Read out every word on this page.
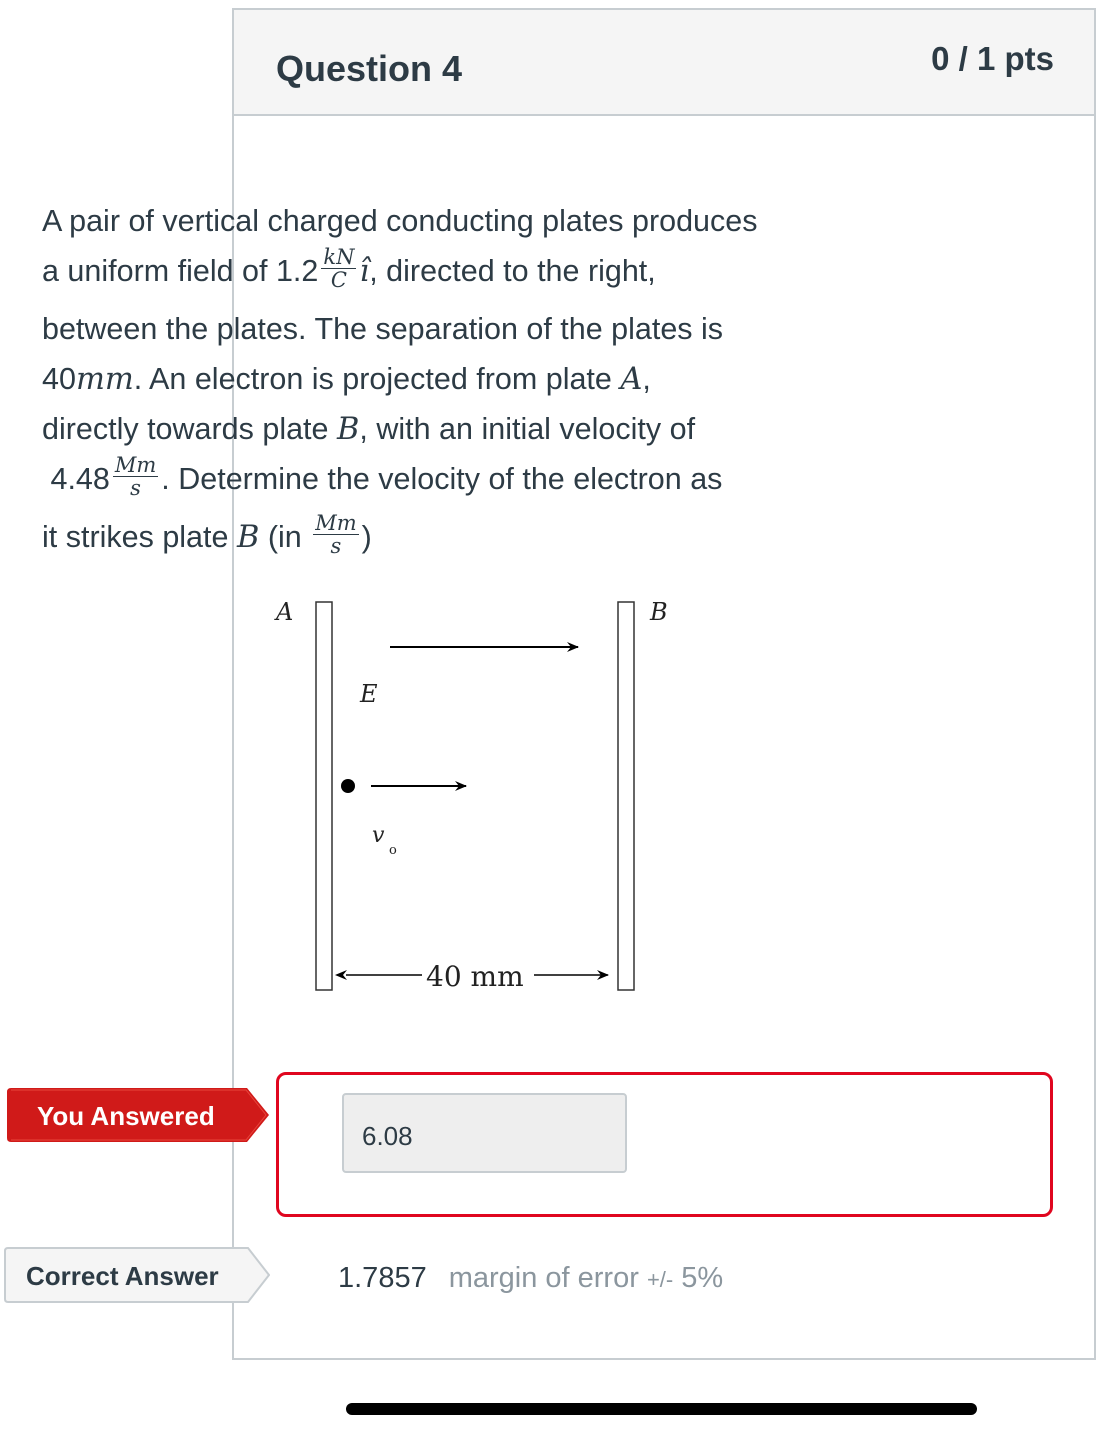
Question 4	0 / 1 pts
A pair of vertical charged conducting plates produces
a uniform field of $1.2 \frac{kN}{C}$ î, directed to the right,
between the plates. The separation of the plates is
40mm. An electron is projected from plate A,
directly towards plate B, with an initial velocity of
$4.48 \frac{Mm}{s}$ . Determine the velocity of the electron as
it strikes plate B ($in \frac{Mm}{s}$ )
A	B
E
v
o
40 mm
You Answered
6.08
Correct Answer	1.7857 margin of error +/- 5%
